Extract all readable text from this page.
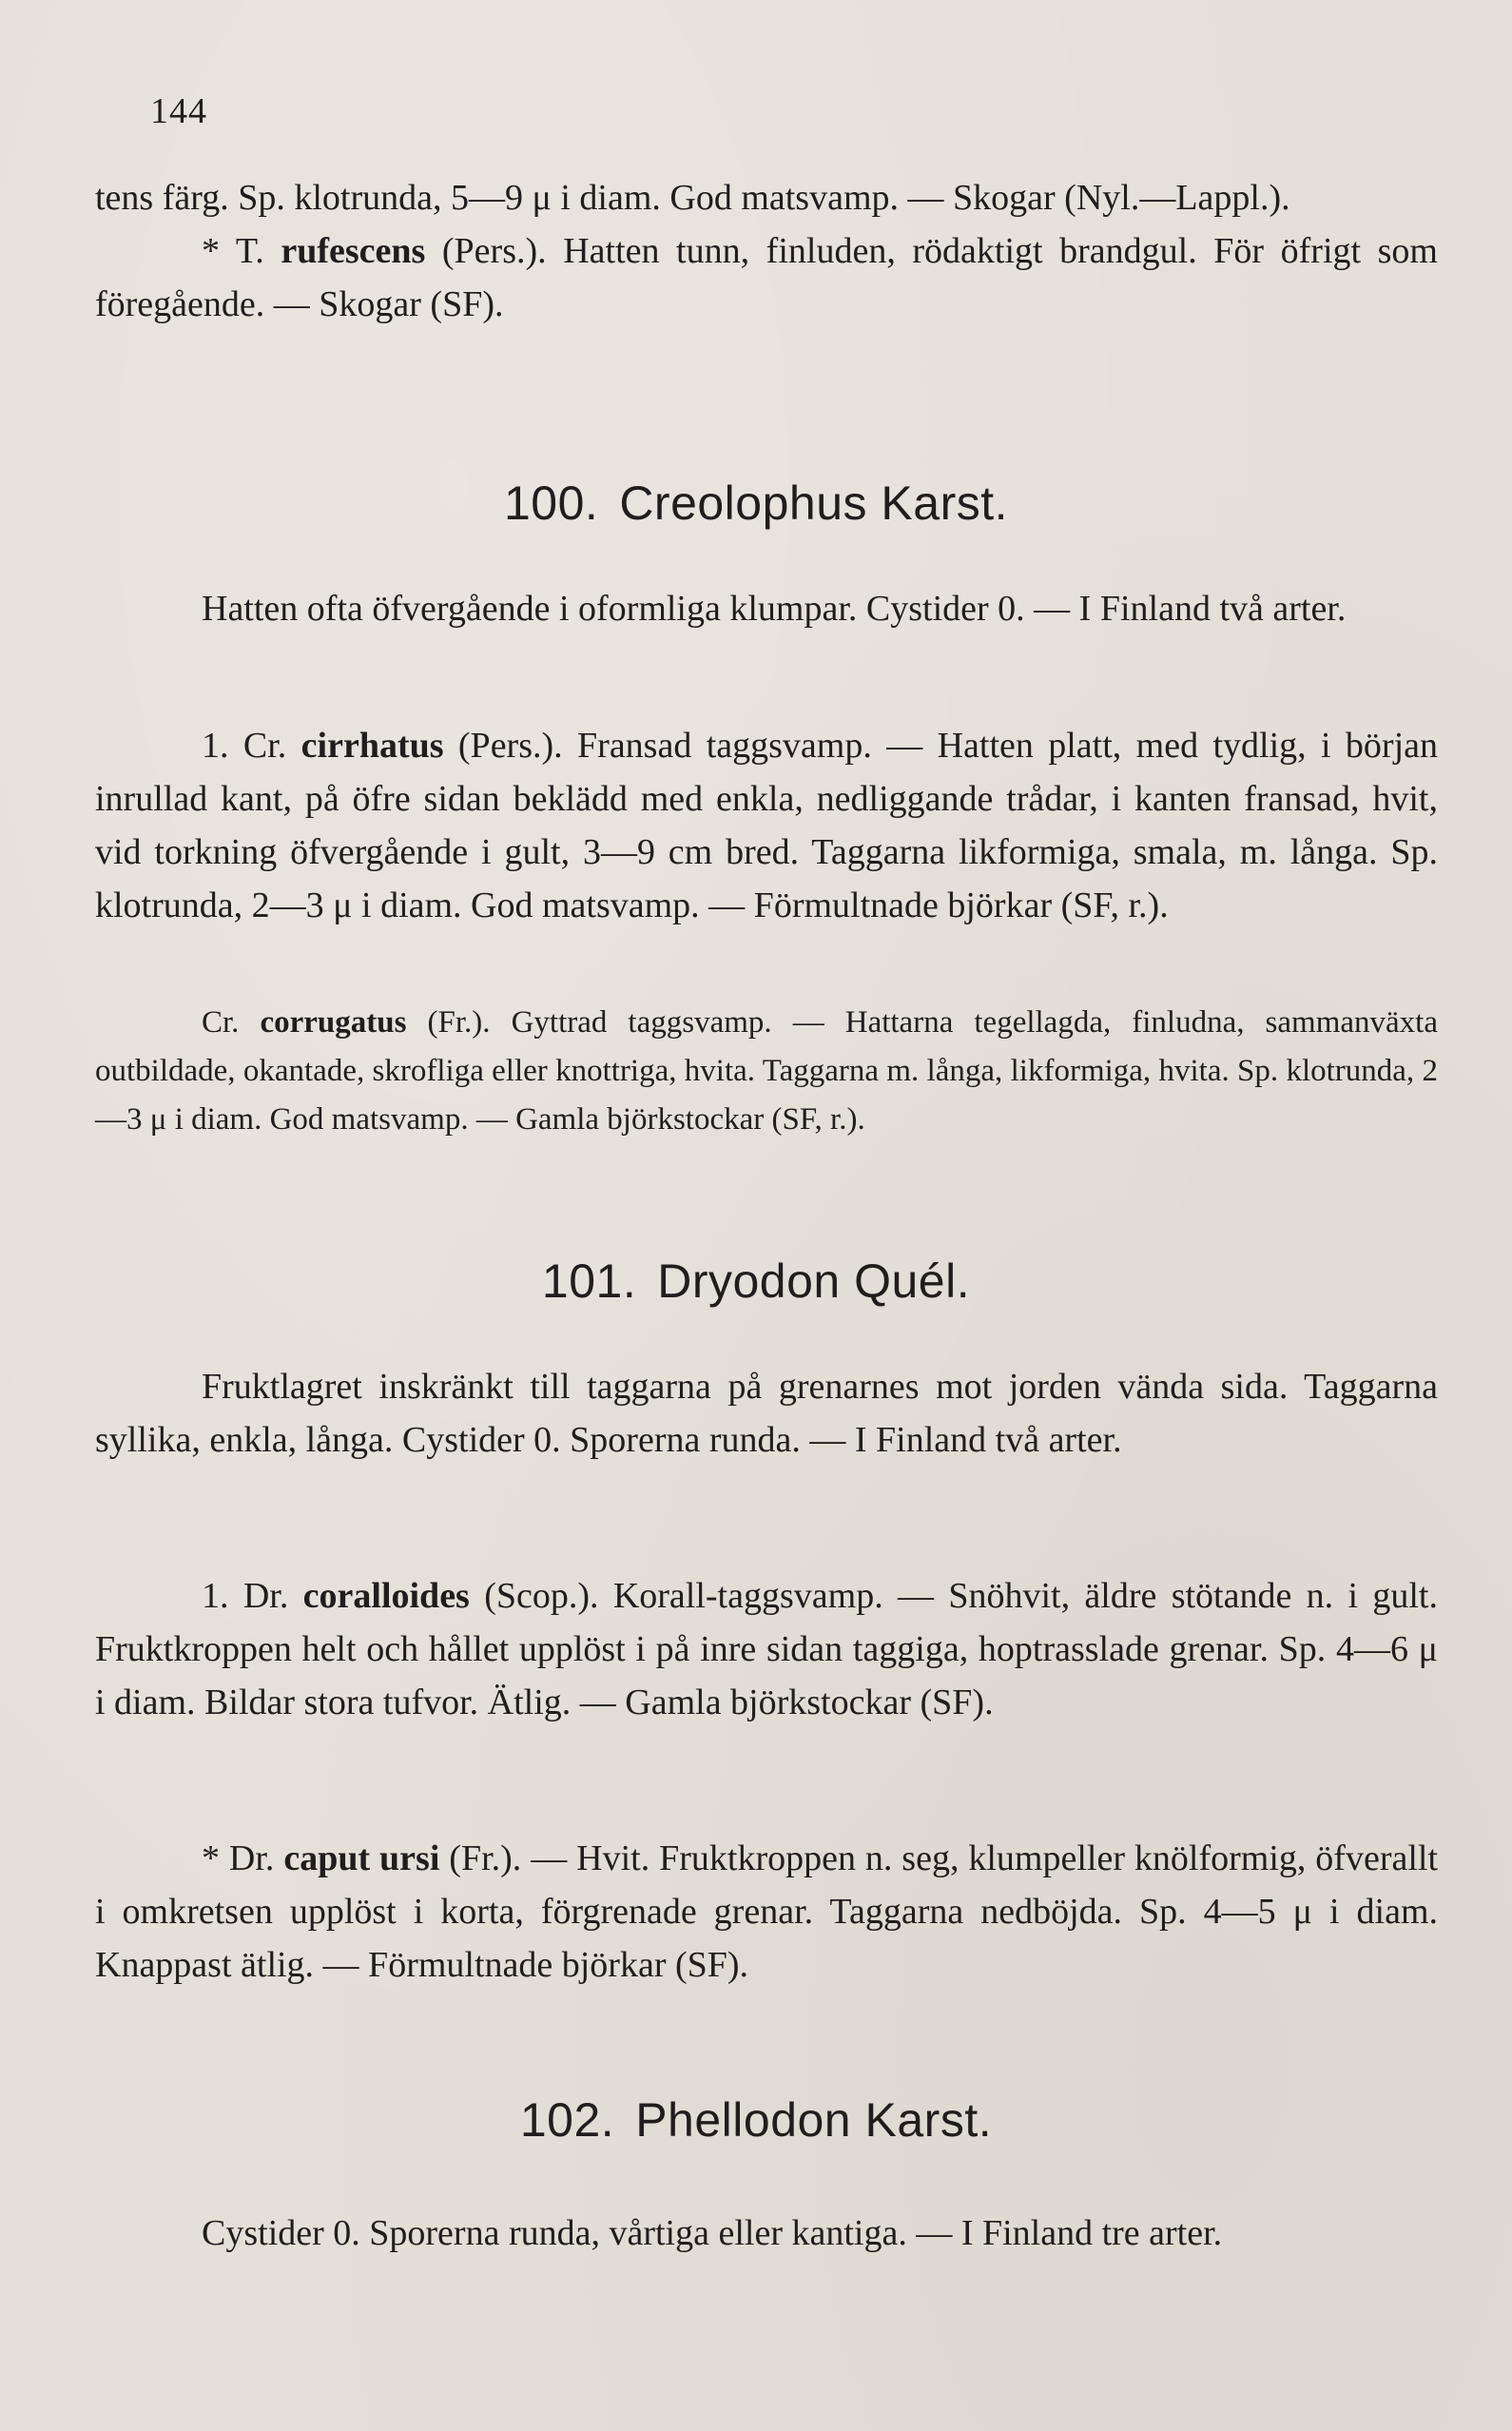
144

tens färg. Sp. klotrunda, 5—9 μ i diam. God matsvamp. — Skogar (Nyl.—Lappl.).

* T. rufescens (Pers.). Hatten tunn, finluden, rödaktigt brandgul. För öfrigt som föregående. — Skogar (SF).

100. Creolophus Karst.

Hatten ofta öfvergående i oformliga klumpar. Cystider 0. — I Finland två arter.

1. Cr. cirrhatus (Pers.). Fransad taggsvamp. — Hatten platt, med tydlig, i början inrullad kant, på öfre sidan beklädd med enkla, nedliggande trådar, i kanten fransad, hvit, vid torkning öfvergående i gult, 3—9 cm bred. Taggarna likformiga, smala, m. långa. Sp. klotrunda, 2—3 μ i diam. God matsvamp. — Förmultnade björkar (SF, r.).

Cr. corrugatus (Fr.). Gyttrad taggsvamp. — Hattarna tegellagda, finludna, sammanväxta outbildade, okantade, skrofliga eller knottriga, hvita. Taggarna m. långa, likformiga, hvita. Sp. klotrunda, 2—3 μ i diam. God matsvamp. — Gamla björkstockar (SF, r.).

101. Dryodon Quél.

Fruktlagret inskränkt till taggarna på grenarnes mot jorden vända sida. Taggarna syllika, enkla, långa. Cystider 0. Sporerna runda. — I Finland två arter.

1. Dr. coralloides (Scop.). Korall-taggsvamp. — Snöhvit, äldre stötande n. i gult. Fruktkroppen helt och hållet upplöst i på inre sidan taggiga, hoptrasslade grenar. Sp. 4—6 μ i diam. Bildar stora tufvor. Ätlig. — Gamla björkstockar (SF).

* Dr. caput ursi (Fr.). — Hvit. Fruktkroppen n. seg, klumpeller knölformig, öfverallt i omkretsen upplöst i korta, förgrenade grenar. Taggarna nedböjda. Sp. 4—5 μ i diam. Knappast ätlig. — Förmultnade björkar (SF).

102. Phellodon Karst.

Cystider 0. Sporerna runda, vårtiga eller kantiga. — I Finland tre arter.
